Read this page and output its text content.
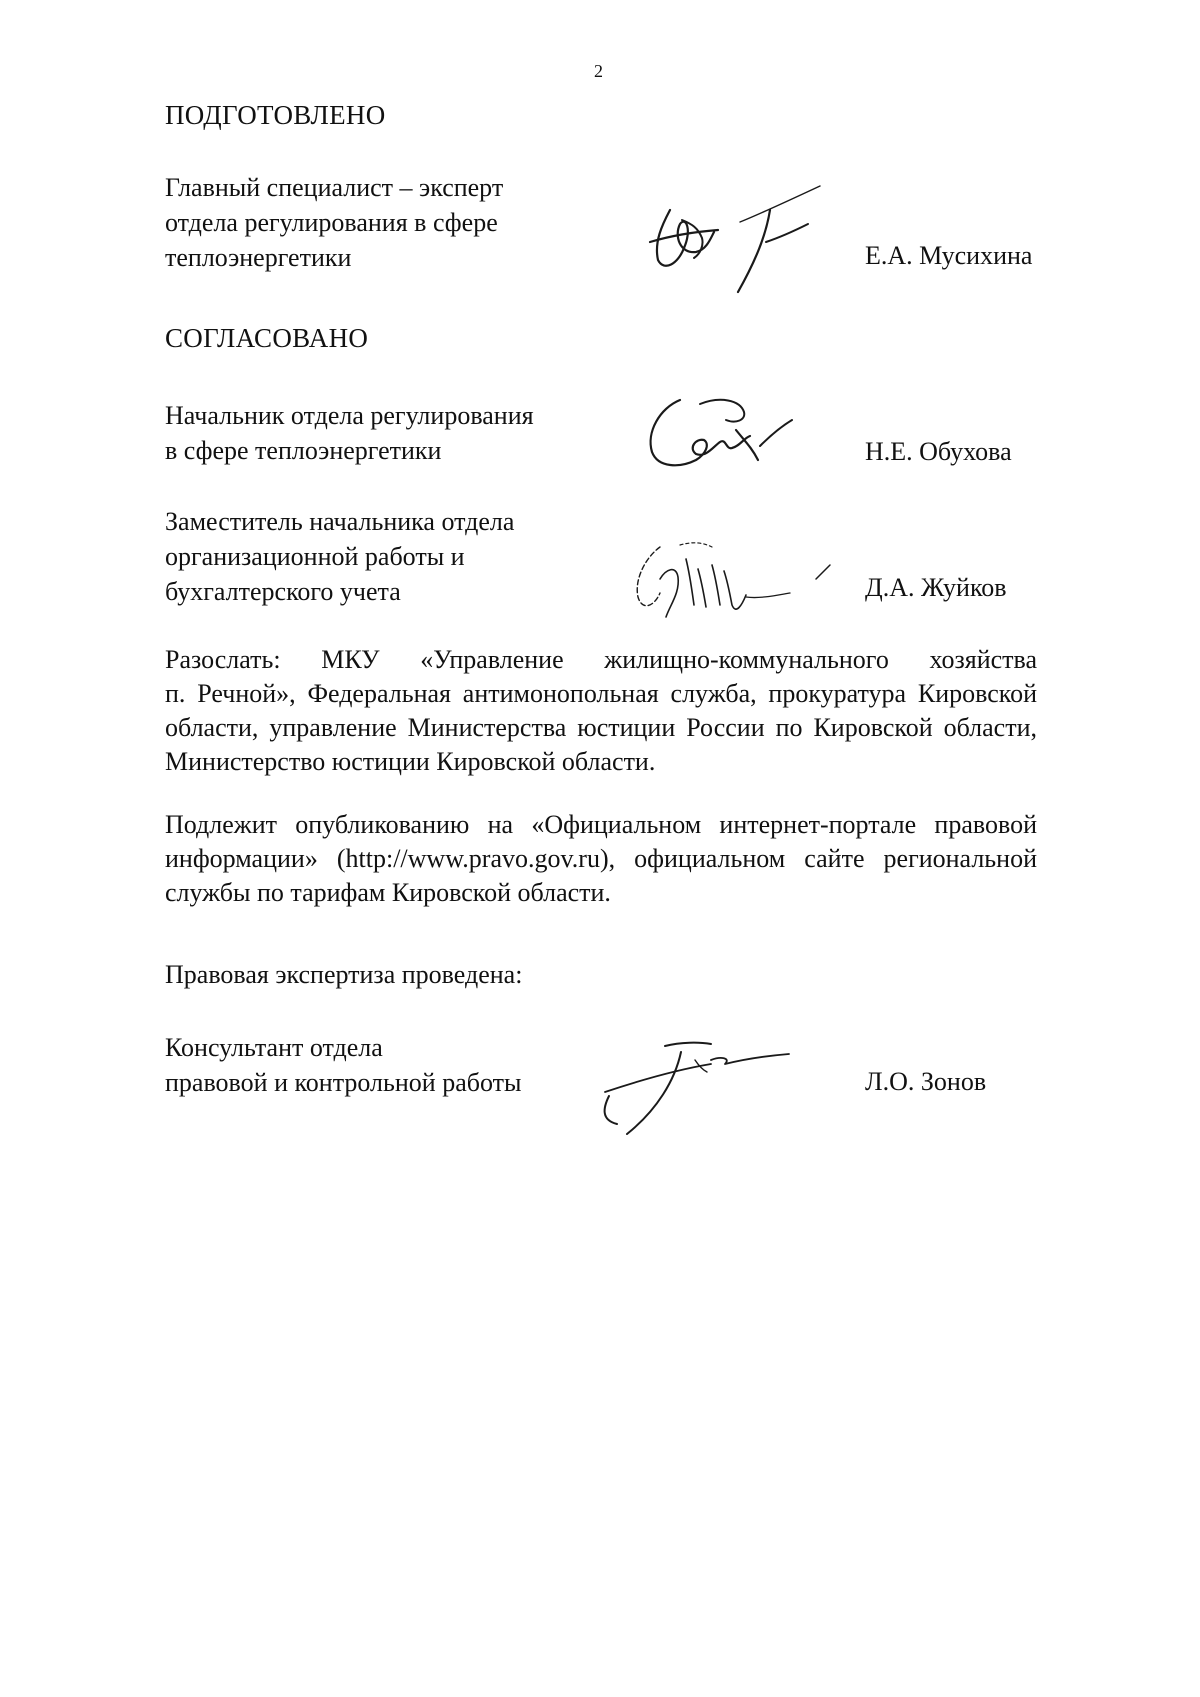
2
ПОДГОТОВЛЕНО
Главный специалист – эксперт
отдела регулирования в сфере
теплоэнергетики	Е.А. Мусихина
СОГЛАСОВАНО
Начальник отдела регулирования
в сфере теплоэнергетики	Н.Е. Обухова
Заместитель начальника отдела
организационной работы и
бухгалтерского учета	Д.А. Жуйков
Разослать: МКУ «Управление жилищно-коммунального хозяйства
п. Речной», Федеральная антимонопольная служба, прокуратура Кировской
области, управление Министерства юстиции России по Кировской области,
Министерство юстиции Кировской области.
Подлежит опубликованию на «Официальном интернет-портале правовой
информации» (http://www.pravo.gov.ru), официальном сайте региональной
службы по тарифам Кировской области.
Правовая экспертиза проведена:
Консультант отдела
правовой и контрольной работы	Л.О. Зонов
